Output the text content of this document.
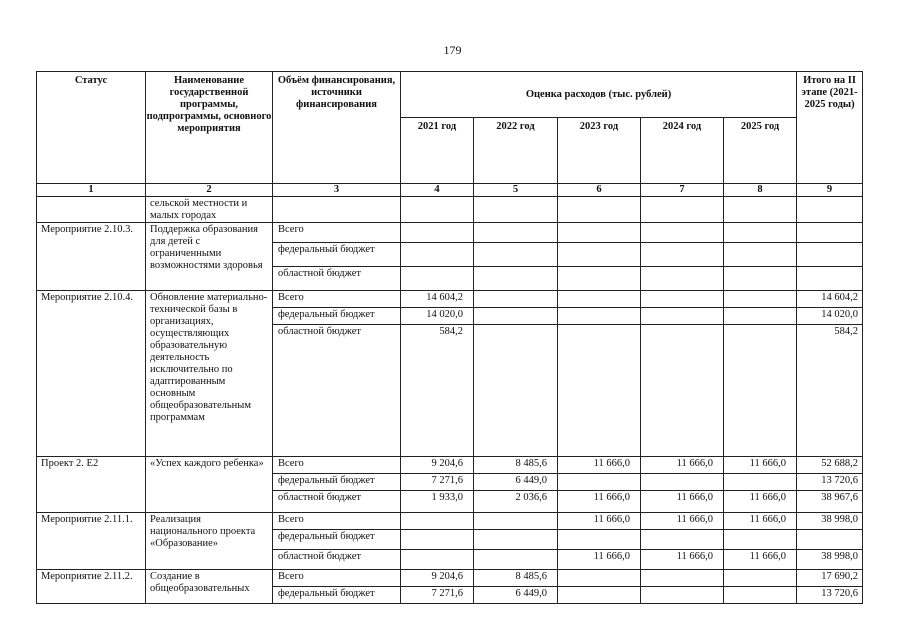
179
Статус	Наименование государственной программы, подпрограммы, основного мероприятия	Объём финансирования, источники финансирования	Оценка расходов (тыс. рублей)					Итого на II этапе (2021-2025 годы)
			2021 год	2022 год	2023 год	2024 год	2025 год	
1	2	3	4	5	6	7	8	9
	сельской местности и малых городах							
Мероприятие 2.10.3.	Поддержка образования для детей с ограниченными возможностями здоровья	Всего						
		федеральный бюджет						
		областной бюджет						
Мероприятие 2.10.4.	Обновление материально-технической базы в организациях, осуществляющих образовательную деятельность исключительно по адаптированным основным общеобразовательным программам	Всего	14 604,2					14 604,2
		федеральный бюджет	14 020,0					14 020,0
		областной бюджет	584,2					584,2
Проект 2. Е2	«Успех каждого ребенка»	Всего	9 204,6	8 485,6	11 666,0	11 666,0	11 666,0	52 688,2
		федеральный бюджет	7 271,6	6 449,0				13 720,6
		областной бюджет	1 933,0	2 036,6	11 666,0	11 666,0	11 666,0	38 967,6
Мероприятие 2.11.1.	Реализация национального проекта «Образование»	Всего			11 666,0	11 666,0	11 666,0	38 998,0
		федеральный бюджет						
		областной бюджет			11 666,0	11 666,0	11 666,0	38 998,0
Мероприятие 2.11.2.	Создание в общеобразовательных	Всего	9 204,6	8 485,6				17 690,2
		федеральный бюджет	7 271,6	6 449,0				13 720,6
